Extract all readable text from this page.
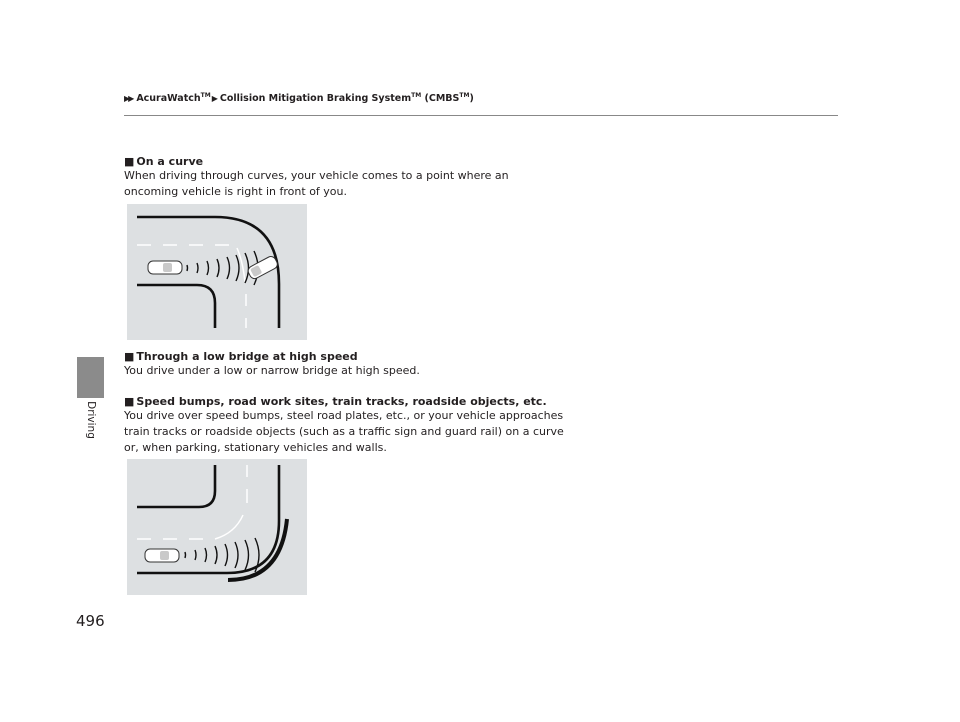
▶▶ AcuraWatch™ ▶ Collision Mitigation Braking System™ (CMBS™)
Driving
■ On a curve
When driving through curves, your vehicle comes to a point where an oncoming vehicle is right in front of you.
■ Through a low bridge at high speed
You drive under a low or narrow bridge at high speed.
■ Speed bumps, road work sites, train tracks, roadside objects, etc.
You drive over speed bumps, steel road plates, etc., or your vehicle approaches train tracks or roadside objects (such as a traffic sign and guard rail) on a curve or, when parking, stationary vehicles and walls.
496
